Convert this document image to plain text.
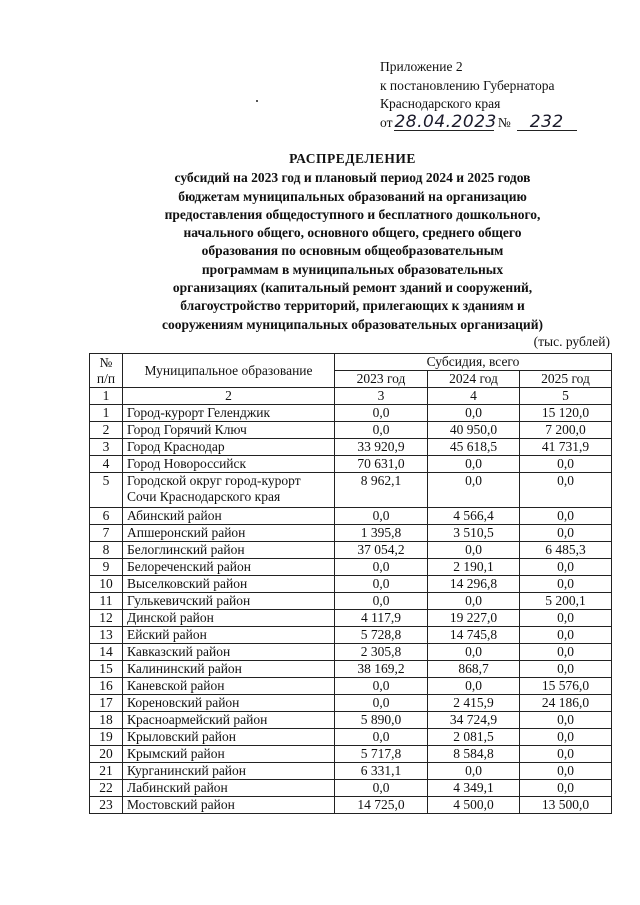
Приложение 2
к постановлению Губернатора
Краснодарского края
от 28.04.2023 № 232
РАСПРЕДЕЛЕНИЕ
субсидий на 2023 год и плановый период 2024 и 2025 годов
бюджетам муниципальных образований на организацию
предоставления общедоступного и бесплатного дошкольного,
начального общего, основного общего, среднего общего
образования по основным общеобразовательным
программам в муниципальных образовательных
организациях (капитальный ремонт зданий и сооружений,
благоустройство территорий, прилегающих к зданиям и
сооружениям муниципальных образовательных организаций)
(тыс. рублей)
№ п/п	Муниципальное образование	Субсидия, всего		
		2023 год	2024 год	2025 год
1	2	3	4	5
1	Город-курорт Геленджик	0,0	0,0	15 120,0
2	Город Горячий Ключ	0,0	40 950,0	7 200,0
3	Город Краснодар	33 920,9	45 618,5	41 731,9
4	Город Новороссийск	70 631,0	0,0	0,0
5	Городской округ город-курорт Сочи Краснодарского края	8 962,1	0,0	0,0
6	Абинский район	0,0	4 566,4	0,0
7	Апшеронский район	1 395,8	3 510,5	0,0
8	Белоглинский район	37 054,2	0,0	6 485,3
9	Белореченский район	0,0	2 190,1	0,0
10	Выселковский район	0,0	14 296,8	0,0
11	Гулькевичский район	0,0	0,0	5 200,1
12	Динской район	4 117,9	19 227,0	0,0
13	Ейский район	5 728,8	14 745,8	0,0
14	Кавказский район	2 305,8	0,0	0,0
15	Калининский район	38 169,2	868,7	0,0
16	Каневской район	0,0	0,0	15 576,0
17	Кореновский район	0,0	2 415,9	24 186,0
18	Красноармейский район	5 890,0	34 724,9	0,0
19	Крыловский район	0,0	2 081,5	0,0
20	Крымский район	5 717,8	8 584,8	0,0
21	Курганинский район	6 331,1	0,0	0,0
22	Лабинский район	0,0	4 349,1	0,0
23	Мостовский район	14 725,0	4 500,0	13 500,0
